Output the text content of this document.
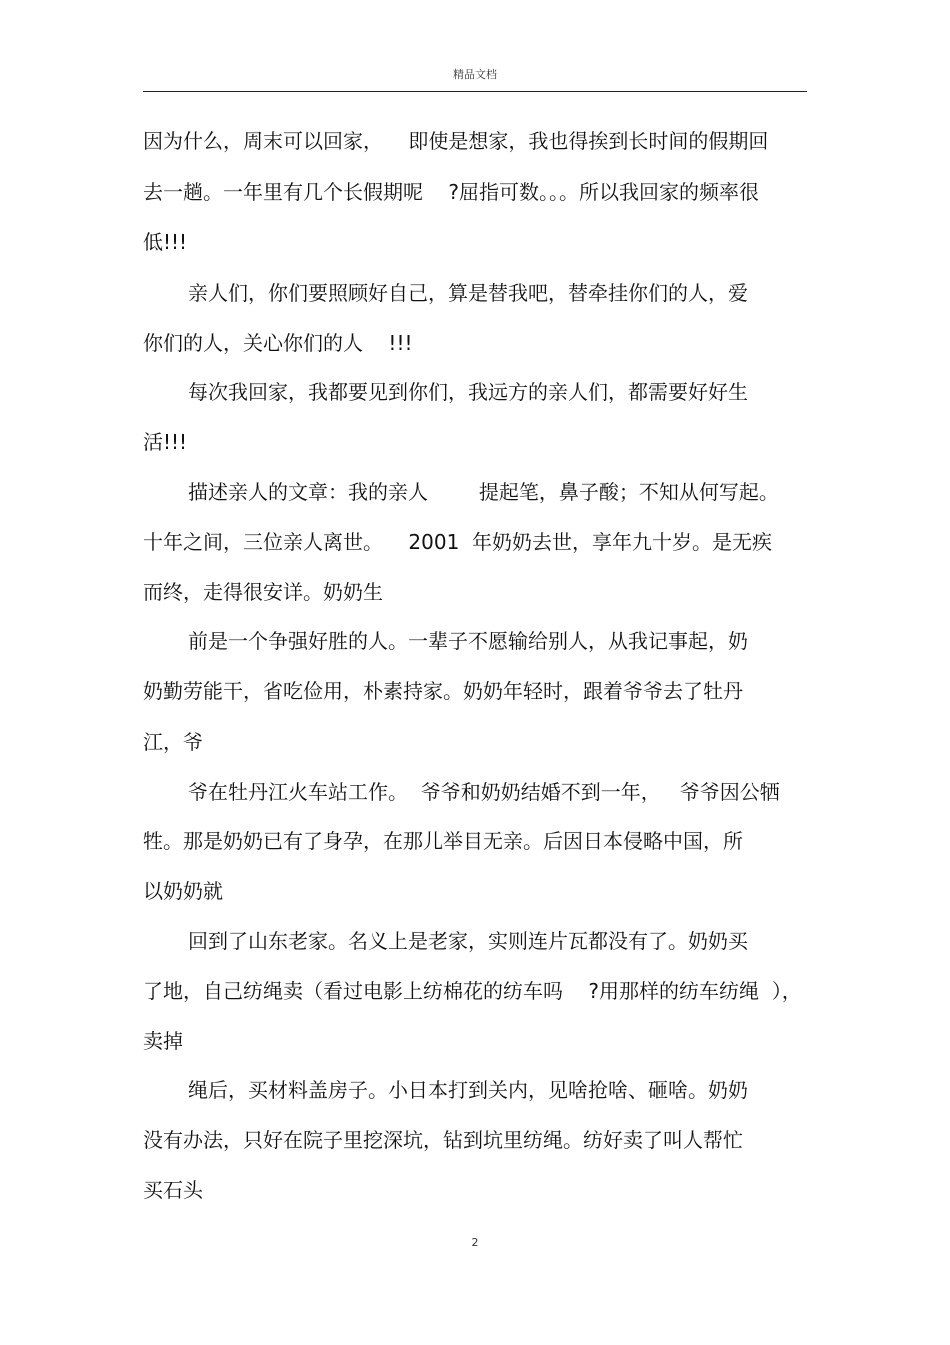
精品文档
因为什么，周末可以回家，    即使是想家，我也得挨到长时间的假期回
去一趟。一年里有几个长假期呢    ?屈指可数。。。所以我回家的频率很
低!!!
亲人们，你们要照顾好自己，算是替我吧，替牵挂你们的人，爱
你们的人，关心你们的人    !!!
每次我回家，我都要见到你们，我远方的亲人们，都需要好好生
活!!!
描述亲人的文章：我的亲人        提起笔，鼻子酸；不知从何写起。
十年之间，三位亲人离世。    2001  年奶奶去世，享年九十岁。是无疾
而终，走得很安详。奶奶生
前是一个争强好胜的人。一辈子不愿输给别人，从我记事起，奶
奶勤劳能干，省吃俭用，朴素持家。奶奶年轻时，跟着爷爷去了牡丹
江，爷
爷在牡丹江火车站工作。  爷爷和奶奶结婚不到一年，   爷爷因公牺
牲。那是奶奶已有了身孕，在那儿举目无亲。后因日本侵略中国，所
以奶奶就
回到了山东老家。名义上是老家，实则连片瓦都没有了。奶奶买
了地，自己纺绳卖（看过电影上纺棉花的纺车吗    ?用那样的纺车纺绳  ），
卖掉
绳后，买材料盖房子。小日本打到关内，见啥抢啥、砸啥。奶奶
没有办法，只好在院子里挖深坑，钻到坑里纺绳。纺好卖了叫人帮忙
买石头
2
